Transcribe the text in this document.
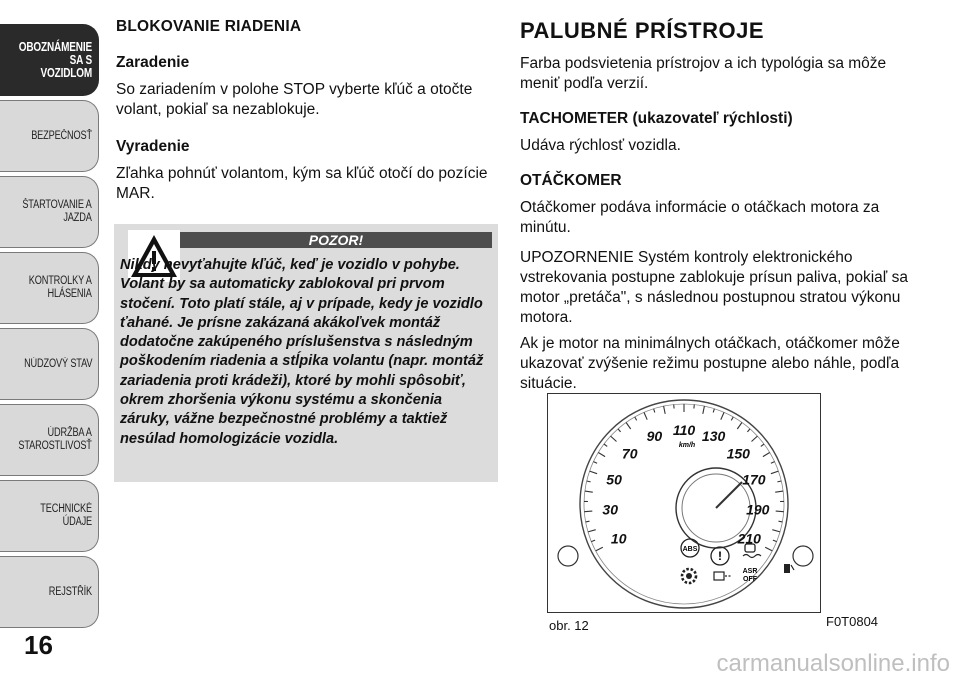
OBOZNÁMENIE
SA S VOZIDLOM
BEZPEČNOSŤ
ŠTARTOVANIE A
JAZDA
KONTROLKY A
HLÁSENIA
NÚDZOVÝ STAV
ÚDRŽBA A
STAROSTLIVOSŤ
TECHNICKÉ ÚDAJE
REJSTŘÍK
16

BLOKOVANIE RIADENIA

Zaradenie

So zariadením v polohe STOP vyberte kľúč a otočte volant, pokiaľ sa nezablokuje.

Vyradenie

Zľahka pohnúť volantom, kým sa kľúč otočí do pozície MAR.

POZOR!
Nikdy nevyťahujte kľúč, keď je vozidlo v pohybe. Volant by sa automaticky zablokoval pri prvom stočení. Toto platí stále, aj v prípade, kedy je vozidlo ťahané. Je prísne zakázaná akákoľvek montáž dodatočne zakúpeného príslušenstva s následným poškodením riadenia a stĺpika volantu (napr. montáž zariadenia proti krádeži), ktoré by mohli spôsobiť, okrem zhoršenia výkonu systému a skončenia záruky, vážne bezpečnostné problémy a taktiež nesúlad homologizácie vozidla.

PALUBNÉ PRÍSTROJE

Farba podsvietenia prístrojov a ich typológia sa môže meniť podľa verzií.

TACHOMETER (ukazovateľ rýchlosti)

Udáva rýchlosť vozidla.

OTÁČKOMER

Otáčkomer podáva informácie o otáčkach motora za minútu.

UPOZORNENIE Systém kontroly elektronického vstrekovania postupne zablokuje prísun paliva, pokiaľ sa motor „pretáča", s následnou postupnou stratou výkonu motora.

Ak je motor na minimálnych otáčkach, otáčkomer môže ukazovať zvýšenie režimu postupne alebo náhle, podľa situácie.

10
30
50
70
90 110 130
150
170
190
210
ABS !
ASR
OFF
km/h
obr. 12	F0T0804
carmanualsonline.info
